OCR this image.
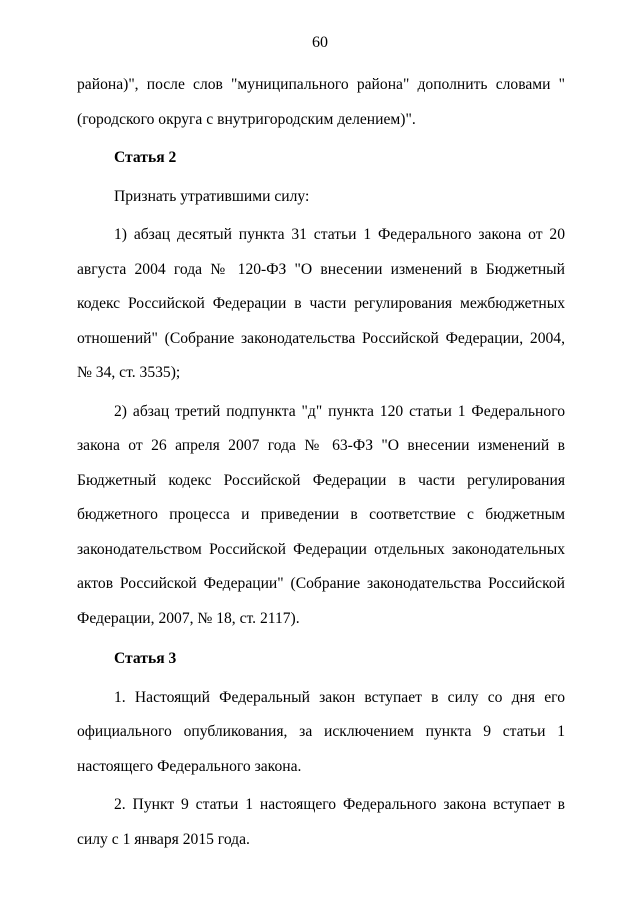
60

района)", после слов "муниципального района" дополнить словами "(городского округа с внутригородским делением)".

Статья 2

Признать утратившими силу:

1) абзац десятый пункта 31 статьи 1 Федерального закона от 20 августа 2004 года № 120-ФЗ "О внесении изменений в Бюджетный кодекс Российской Федерации в части регулирования межбюджетных отношений" (Собрание законодательства Российской Федерации, 2004, № 34, ст. 3535);

2) абзац третий подпункта "д" пункта 120 статьи 1 Федерального закона от 26 апреля 2007 года № 63-ФЗ "О внесении изменений в Бюджетный кодекс Российской Федерации в части регулирования бюджетного процесса и приведении в соответствие с бюджетным законодательством Российской Федерации отдельных законодательных актов Российской Федерации" (Собрание законодательства Российской Федерации, 2007, № 18, ст. 2117).

Статья 3

1. Настоящий Федеральный закон вступает в силу со дня его официального опубликования, за исключением пункта 9 статьи 1 настоящего Федерального закона.

2. Пункт 9 статьи 1 настоящего Федерального закона вступает в силу с 1 января 2015 года.
